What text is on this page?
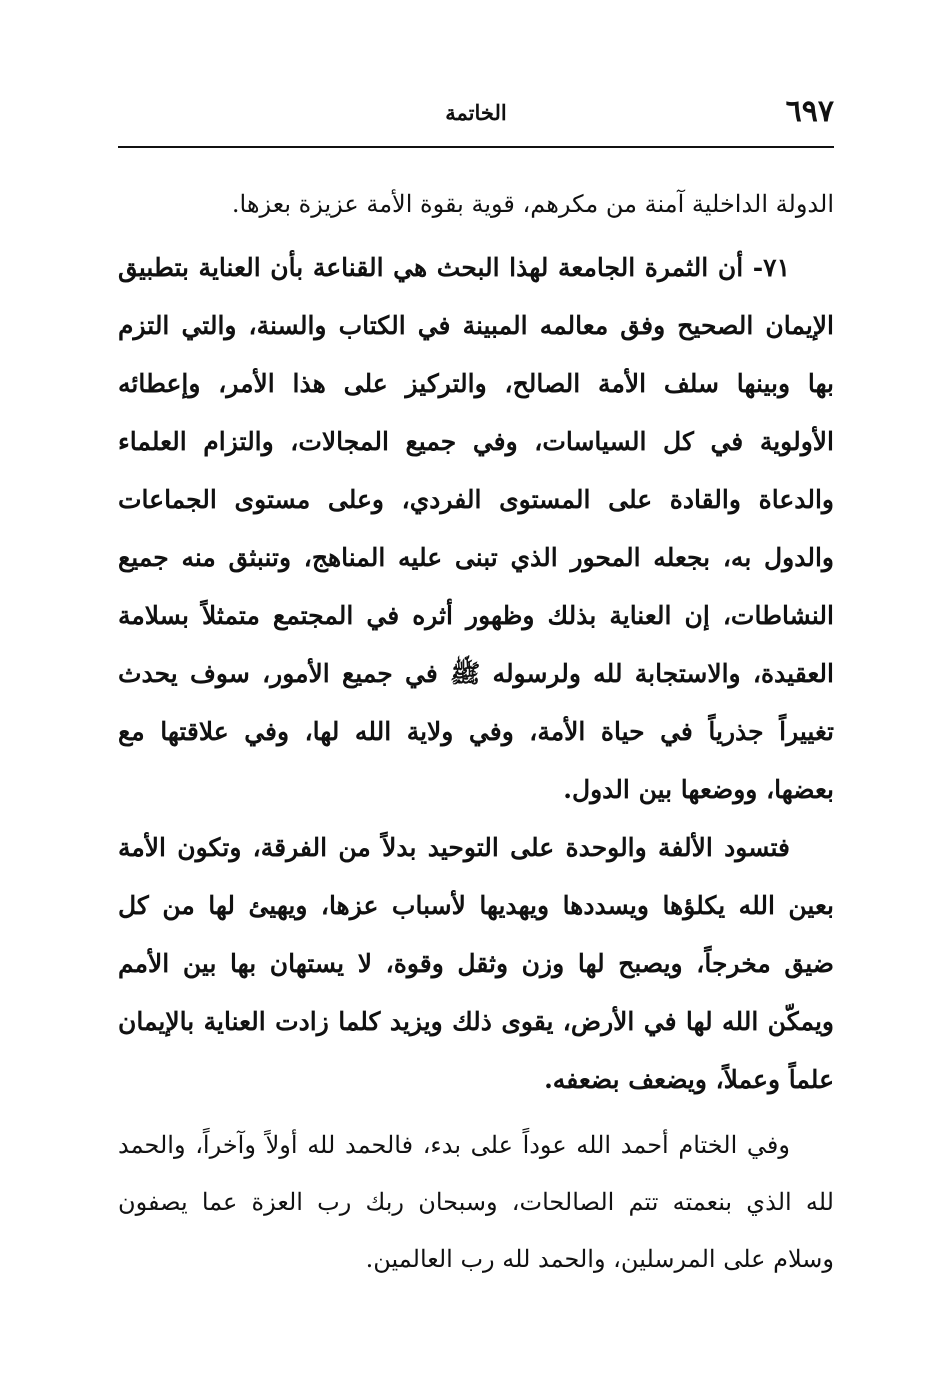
٦٩٧
الخاتمة

الدولة الداخلية آمنة من مكرهم، قوية بقوة الأمة عزيزة بعزها.

٧١- أن الثمرة الجامعة لهذا البحث هي القناعة بأن العناية بتطبيق الإيمان الصحيح وفق معالمه المبينة في الكتاب والسنة، والتي التزم بها وبينها سلف الأمة الصالح، والتركيز على هذا الأمر، وإعطائه الأولوية في كل السياسات، وفي جميع المجالات، والتزام العلماء والدعاة والقادة على المستوى الفردي، وعلى مستوى الجماعات والدول به، بجعله المحور الذي تبنى عليه المناهج، وتنبثق منه جميع النشاطات، إن العناية بذلك وظهور أثره في المجتمع متمثلاً بسلامة العقيدة، والاستجابة لله ولرسوله ﷺ في جميع الأمور، سوف يحدث تغييراً جذرياً في حياة الأمة، وفي ولاية الله لها، وفي علاقتها مع بعضها، ووضعها بين الدول.

فتسود الألفة والوحدة على التوحيد بدلاً من الفرقة، وتكون الأمة بعين الله يكلؤها ويسددها ويهديها لأسباب عزها، ويهيئ لها من كل ضيق مخرجاً، ويصبح لها وزن وثقل وقوة، لا يستهان بها بين الأمم ويمكّن الله لها في الأرض، يقوى ذلك ويزيد كلما زادت العناية بالإيمان علماً وعملاً، ويضعف بضعفه.

وفي الختام أحمد الله عوداً على بدء، فالحمد لله أولاً وآخراً، والحمد لله الذي بنعمته تتم الصالحات، وسبحان ربك رب العزة عما يصفون وسلام على المرسلين، والحمد لله رب العالمين.
